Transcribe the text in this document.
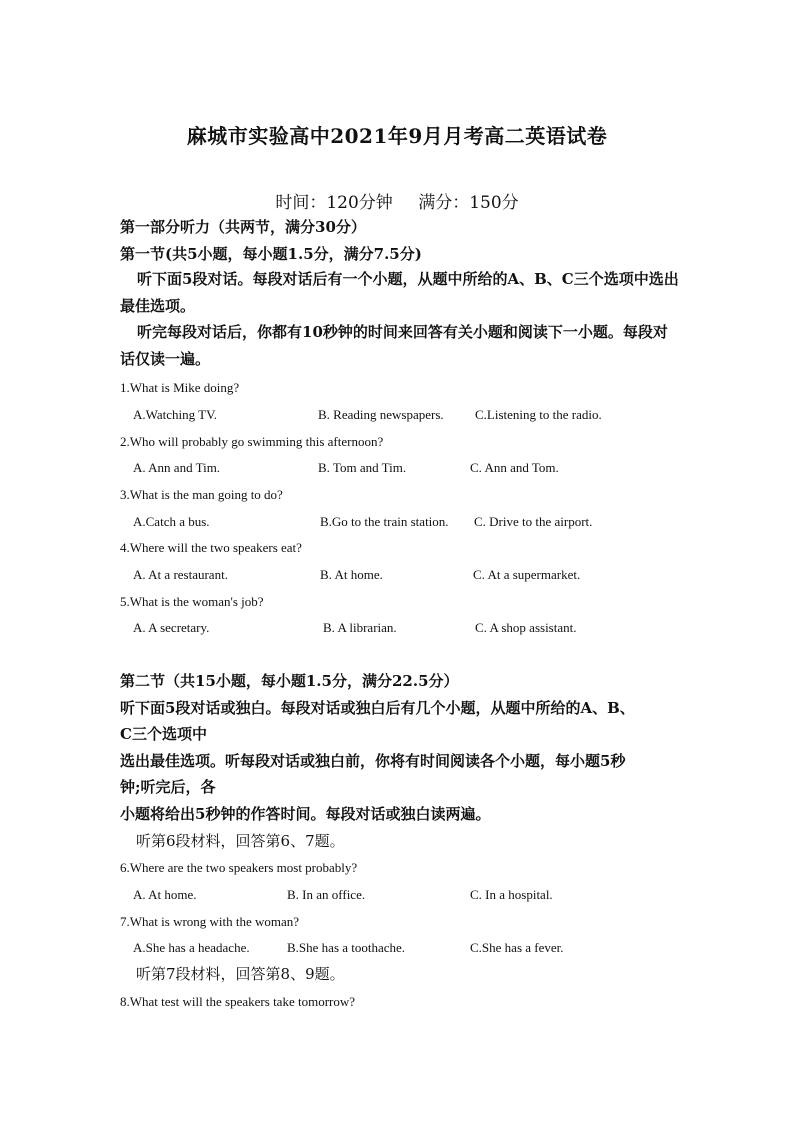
麻城市实验高中2021年9月月考高二英语试卷
时间：120分钟 满分：150分
第一部分听力（共两节，满分30分）
第一节(共5小题，每小题1.5分，满分7.5分)
听下面5段对话。每段对话后有一个小题，从题中所给的A、B、C三个选项中选出最佳选项。
听完每段对话后，你都有10秒钟的时间来回答有关小题和阅读下一小题。每段对话仅读一遍。
1.What is Mike doing?
A.Watching TV.	B. Reading newspapers. C.Listening to the radio.
2.Who will probably go swimming this afternoon?
A. Ann and Tim.	B. Tom and Tim.	C. Ann and Tom.
3.What is the man going to do?
A.Catch a bus.	B.Go to the train station. C. Drive to the airport.
4.Where will the two speakers eat?
A. At a restaurant.	B. At home.	C. At a supermarket.
5.What is the woman's job?
A. A secretary.	B. A librarian.	C. A shop assistant.
第二节（共15小题，每小题1.5分，满分22.5分）
听下面5段对话或独白。每段对话或独白后有几个小题，从题中所给的A、B、
C三个选项中
选出最佳选项。听每段对话或独白前，你将有时间阅读各个小题，每小题5秒
钟;听完后，各
小题将给出5秒钟的作答时间。每段对话或独白读两遍。
听第6段材料，回答第6、7题。
6.Where are the two speakers most probably?
A. At home.	B. In an office.	C. In a hospital.
7.What is wrong with the woman?
A.She has a headache.	B.She has a toothache.	C.She has a fever.
听第7段材料，回答第8、9题。
8.What test will the speakers take tomorrow?
